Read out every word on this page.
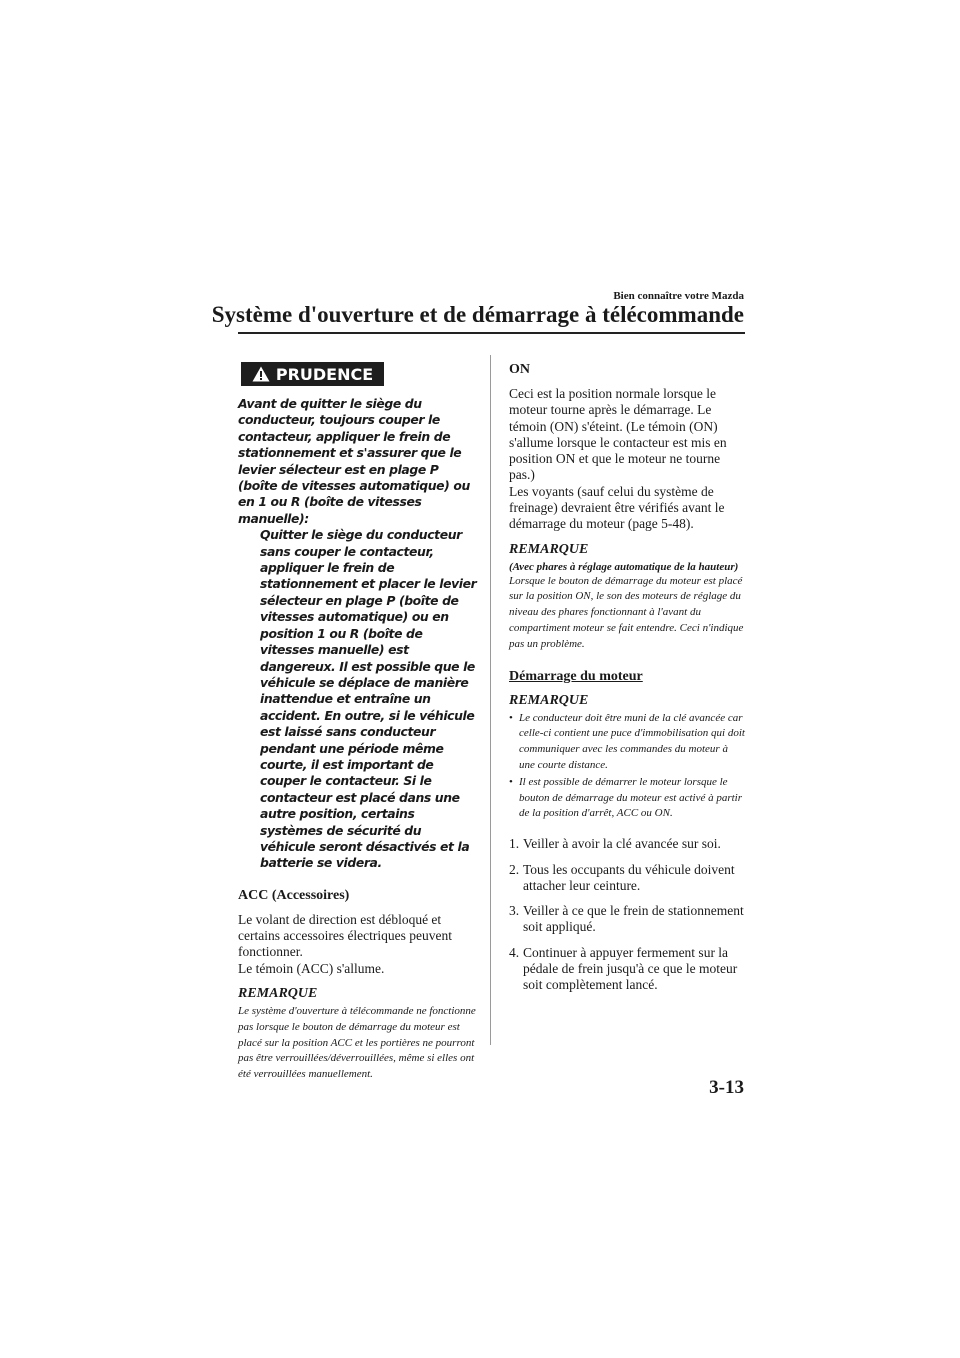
Bien connaître votre Mazda

Système d'ouverture et de démarrage à télécommande
PRUDENCE

Avant de quitter le siège du conducteur, toujours couper le contacteur, appliquer le frein de stationnement et s'assurer que le levier sélecteur est en plage P (boîte de vitesses automatique) ou en 1 ou R (boîte de vitesses manuelle):

Quitter le siège du conducteur sans couper le contacteur, appliquer le frein de stationnement et placer le levier sélecteur en plage P (boîte de vitesses automatique) ou en position 1 ou R (boîte de vitesses manuelle) est dangereux. Il est possible que le véhicule se déplace de manière inattendue et entraîne un accident. En outre, si le véhicule est laissé sans conducteur pendant une période même courte, il est important de couper le contacteur. Si le contacteur est placé dans une autre position, certains systèmes de sécurité du véhicule seront désactivés et la batterie se videra.

ACC (Accessoires)

Le volant de direction est débloqué et certains accessoires électriques peuvent fonctionner.

Le témoin (ACC) s'allume.

REMARQUE

Le système d'ouverture à télécommande ne fonctionne pas lorsque le bouton de démarrage du moteur est placé sur la position ACC et les portières ne pourront pas être verrouillées/déverrouillées, même si elles ont été verrouillées manuellement.

ON

Ceci est la position normale lorsque le moteur tourne après le démarrage. Le témoin (ON) s'éteint. (Le témoin (ON) s'allume lorsque le contacteur est mis en position ON et que le moteur ne tourne pas.)

Les voyants (sauf celui du système de freinage) devraient être vérifiés avant le démarrage du moteur (page 5-48).

REMARQUE

(Avec phares à réglage automatique de la hauteur)

Lorsque le bouton de démarrage du moteur est placé sur la position ON, le son des moteurs de réglage du niveau des phares fonctionnant à l'avant du compartiment moteur se fait entendre. Ceci n'indique pas un problème.

Démarrage du moteur

REMARQUE

• Le conducteur doit être muni de la clé avancée car celle-ci contient une puce d'immobilisation qui doit communiquer avec les commandes du moteur à une courte distance.
• Il est possible de démarrer le moteur lorsque le bouton de démarrage du moteur est activé à partir de la position d'arrêt, ACC ou ON.
1. Veiller à avoir la clé avancée sur soi.
2. Tous les occupants du véhicule doivent attacher leur ceinture.
3. Veiller à ce que le frein de stationnement soit appliqué.
4. Continuer à appuyer fermement sur la pédale de frein jusqu'à ce que le moteur soit complètement lancé.

3-13
